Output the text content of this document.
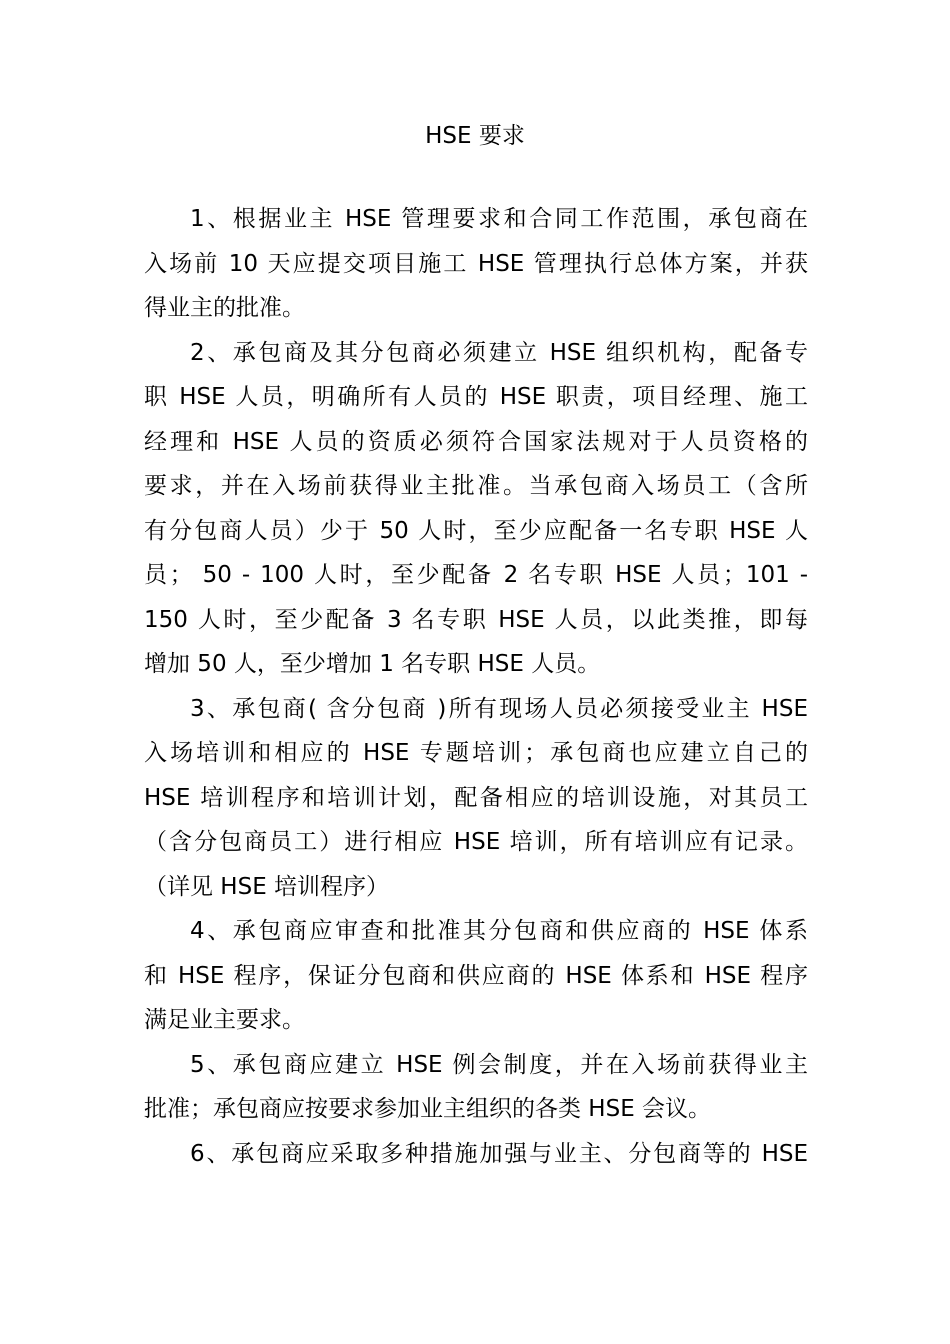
HSE 要求
1、根据业主 HSE 管理要求和合同工作范围，承包商在
入场前 10 天应提交项目施工 HSE 管理执行总体方案，并获
得业主的批准。
2、承包商及其分包商必须建立 HSE 组织机构，配备专
职 HSE 人员，明确所有人员的 HSE 职责，项目经理、施工
经理和 HSE 人员的资质必须符合国家法规对于人员资格的
要求，并在入场前获得业主批准。当承包商入场员工（含所
有分包商人员）少于 50 人时，至少应配备一名专职 HSE 人
员； 50 - 100 人时，至少配备 2 名专职 HSE 人员；101 -
150 人时，至少配备 3 名专职 HSE 人员，以此类推，即每
增加 50 人，至少增加 1 名专职 HSE 人员。
3、承包商( 含分包商 )所有现场人员必须接受业主 HSE
入场培训和相应的 HSE 专题培训；承包商也应建立自己的
HSE 培训程序和培训计划，配备相应的培训设施，对其员工
（含分包商员工）进行相应 HSE 培训，所有培训应有记录。
（详见 HSE 培训程序）
4、承包商应审查和批准其分包商和供应商的 HSE 体系
和 HSE 程序，保证分包商和供应商的 HSE 体系和 HSE 程序
满足业主要求。
5、承包商应建立 HSE 例会制度，并在入场前获得业主
批准；承包商应按要求参加业主组织的各类 HSE 会议。
6、承包商应采取多种措施加强与业主、分包商等的 HSE
